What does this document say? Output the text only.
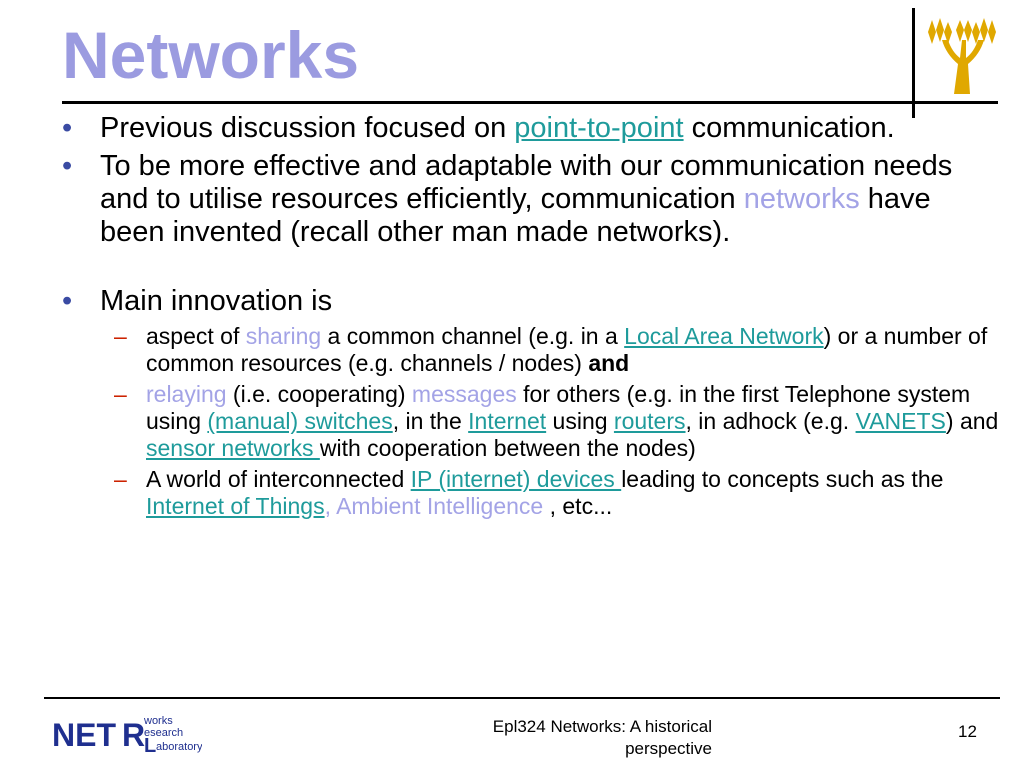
Networks
• Previous discussion focused on point-to-point communication.
• To be more effective and adaptable with our communication needs and to utilise resources efficiently, communication networks have been invented (recall other man made networks).
• Main innovation is
– aspect of sharing a common channel (e.g. in a Local Area Network) or a number of common resources (e.g. channels / nodes) and
– relaying (i.e. cooperating) messages for others (e.g. in the first Telephone system using (manual) switches, in the Internet using routers, in adhock (e.g. VANETS) and sensor networks with cooperation between the nodes)
– A world of interconnected IP (internet) devices leading to concepts such as the Internet of Things, Ambient Intelligence , etc...
NET R
works
esearch
L aboratory
Epl324 Networks: A historical
perspective
12
